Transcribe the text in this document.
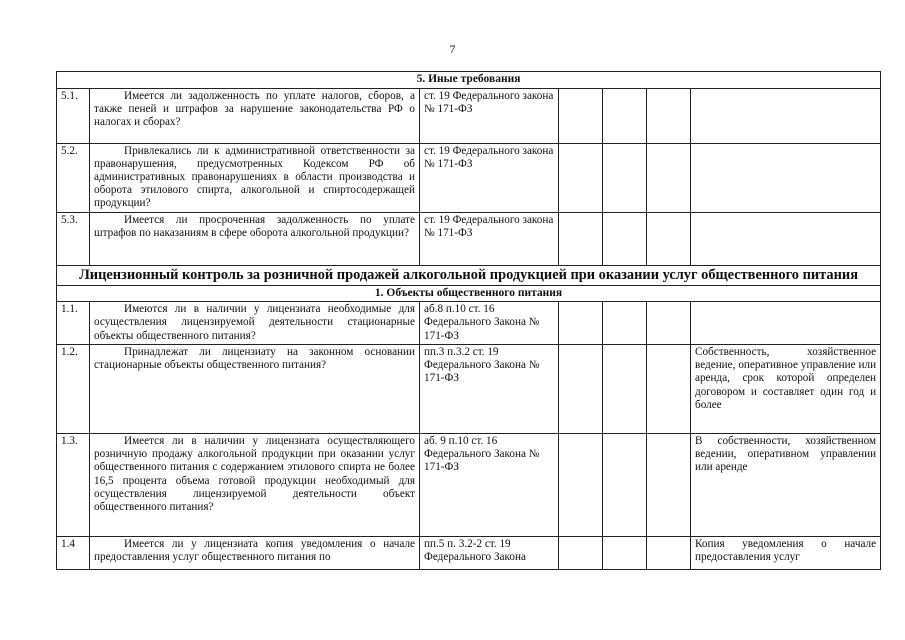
7
5. Иные требования						
5.1.	Имеется ли задолженность по уплате налогов, сборов, а также пеней и штрафов за нарушение законодательства РФ о налогах и сборах?	ст. 19 Федерального закона № 171-ФЗ				
5.2.	Привлекались ли к административной ответственности за правонарушения, предусмотренных Кодексом РФ об административных правонарушениях в области производства и оборота этилового спирта, алкогольной и спиртосодержащей продукции?	ст. 19 Федерального закона № 171-ФЗ				
5.3.	Имеется ли просроченная задолженность по уплате штрафов по наказаниям в сфере оборота алкогольной продукции?	ст. 19 Федерального закона № 171-ФЗ				
Лицензионный контроль за розничной продажей алкогольной продукцией при оказании услуг общественного питания						
1. Объекты общественного питания						
1.1.	Имеются ли в наличии у лицензиата необходимые для осуществления лицензируемой деятельности стационарные объекты общественного питания?	аб.8 п.10 ст. 16 Федерального Закона № 171-ФЗ				
1.2.	Принадлежат ли лицензиату на законном основании стационарные объекты общественного питания?	пп.3 п.3.2 ст. 19 Федерального Закона № 171-ФЗ				Собственность, хозяйственное ведение, оперативное управление или аренда, срок которой определен договором и составляет один год и более
1.3.	Имеется ли в наличии у лицензиата осуществляющего розничную продажу алкогольной продукции при оказании услуг общественного питания с содержанием этилового спирта не более 16,5 процента объема готовой продукции необходимый для осуществления лицензируемой деятельности объект общественного питания?	аб. 9 п.10 ст. 16 Федерального Закона № 171-ФЗ				В собственности, хозяйственном ведении, оперативном управлении или аренде
1.4	Имеется ли у лицензиата копия уведомления о начале предоставления услуг общественного питания по	пп.5 п. 3.2-2 ст. 19 Федерального Закона				Копия уведомления о начале предоставления услуг
